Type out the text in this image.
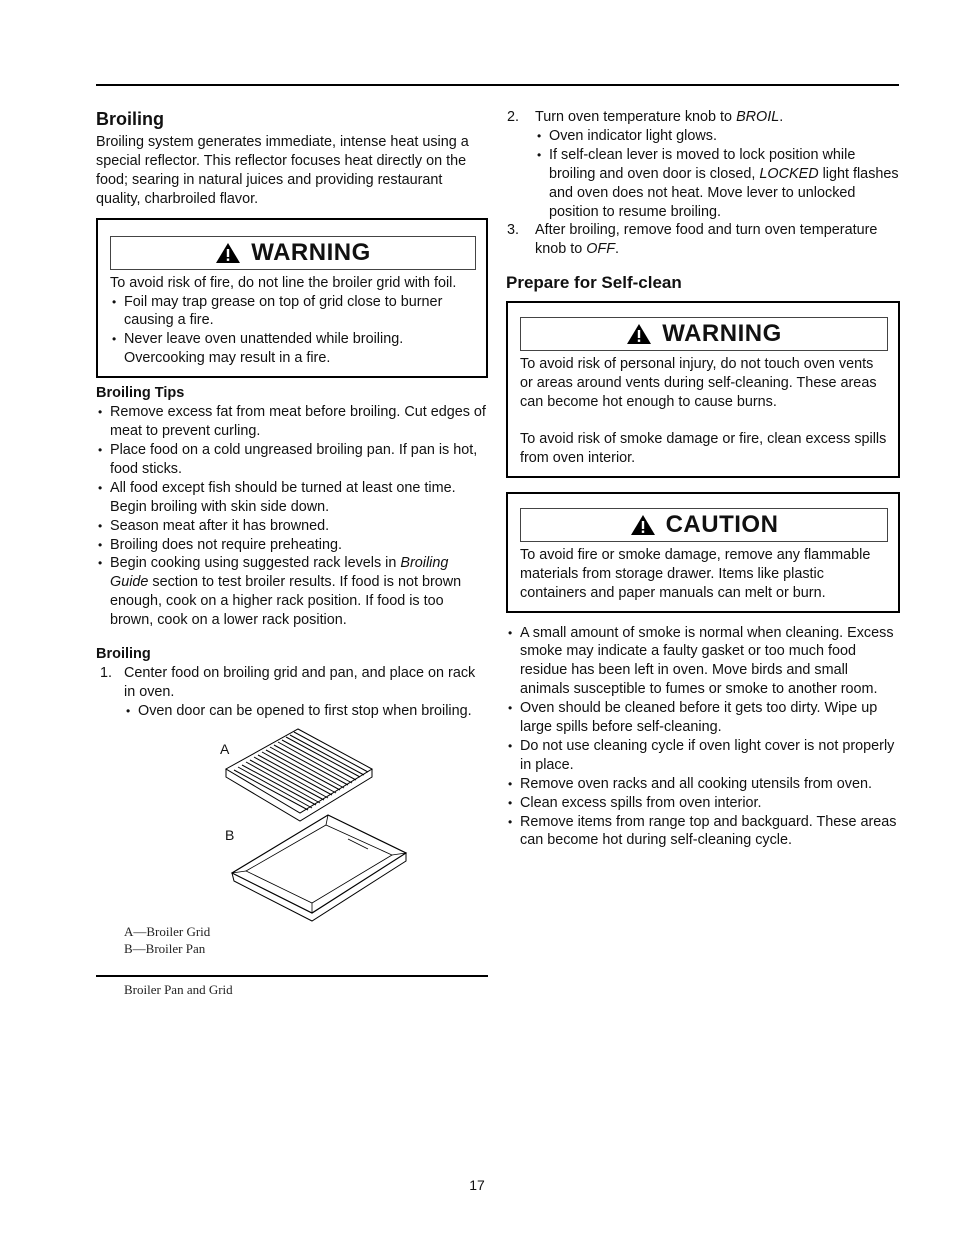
Broiling

Broiling system generates immediate, intense heat using a special reflector. This reflector focuses heat directly on the food; searing in natural juices and providing restaurant quality, charbroiled flavor.

WARNING

To avoid risk of fire, do not line the broiler grid with foil.

• Foil may trap grease on top of grid close to burner causing a fire.
• Never leave oven unattended while broiling. Overcooking may result in a fire.
Broiling Tips
• Remove excess fat from meat before broiling. Cut edges of meat to prevent curling.
• Place food on a cold ungreased broiling pan. If pan is hot, food sticks.
• All food except fish should be turned at least one time. Begin broiling with skin side down.
• Season meat after it has browned.
• Broiling does not require preheating.
• Begin cooking using suggested rack levels in Broiling Guide section to test broiler results. If food is not brown enough, cook on a higher rack position. If food is too brown, cook on a lower rack position.
Broiling
1. Center food on broiling grid and pan, and place on rack in oven.
• Oven door can be opened to first stop when broiling.
A
B
A—Broiler Grid
B—Broiler Pan
Broiler Pan and Grid
2. Turn oven temperature knob to BROIL.
• Oven indicator light glows.
• If self-clean lever is moved to lock position while broiling and oven door is closed, LOCKED light flashes and oven does not heat. Move lever to unlocked position to resume broiling.
3. After broiling, remove food and turn oven temperature knob to OFF.
Prepare for Self-clean
WARNING

To avoid risk of personal injury, do not touch oven vents or areas around vents during self-cleaning. These areas can become hot enough to cause burns.

To avoid risk of smoke damage or fire, clean excess spills from oven interior.

CAUTION

To avoid fire or smoke damage, remove any flammable materials from storage drawer. Items like plastic containers and paper manuals can melt or burn.

• A small amount of smoke is normal when cleaning. Excess smoke may indicate a faulty gasket or too much food residue has been left in oven. Move birds and small animals susceptible to fumes or smoke to another room.
• Oven should be cleaned before it gets too dirty. Wipe up large spills before self-cleaning.
• Do not use cleaning cycle if oven light cover is not properly in place.
• Remove oven racks and all cooking utensils from oven.
• Clean excess spills from oven interior.
• Remove items from range top and backguard. These areas can become hot during self-cleaning cycle.
17
